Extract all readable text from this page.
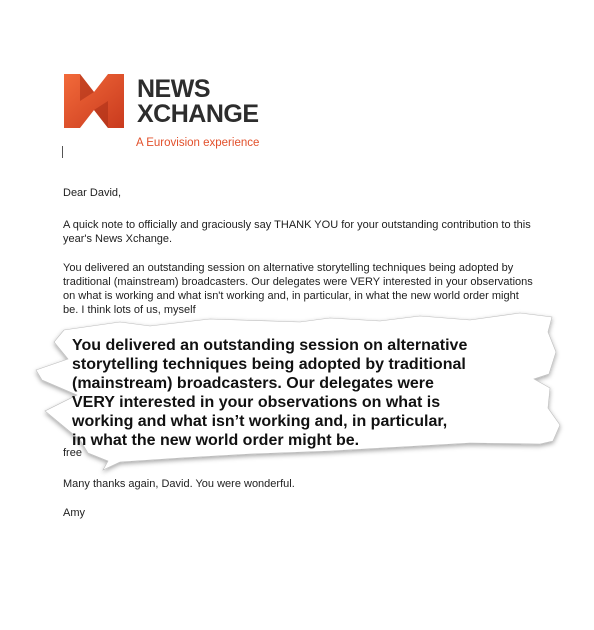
NEWS
XCHANGE
A Eurovision experience
Dear David,
A quick note to officially and graciously say THANK YOU for your outstanding contribution to this year's News Xchange.
You delivered an outstanding session on alternative storytelling techniques being adopted by traditional (mainstream) broadcasters. Our delegates were VERY interested in your observations on what is working and what isn't working and, in particular, in what the new world order might be. I think lots of us, myself
free
Many thanks again, David. You were wonderful.
Amy
You delivered an outstanding session on alternative
storytelling techniques being adopted by traditional
(mainstream) broadcasters. Our delegates were
VERY interested in your observations on what is
working and what isn’t working and, in particular,
in what the new world order might be.
